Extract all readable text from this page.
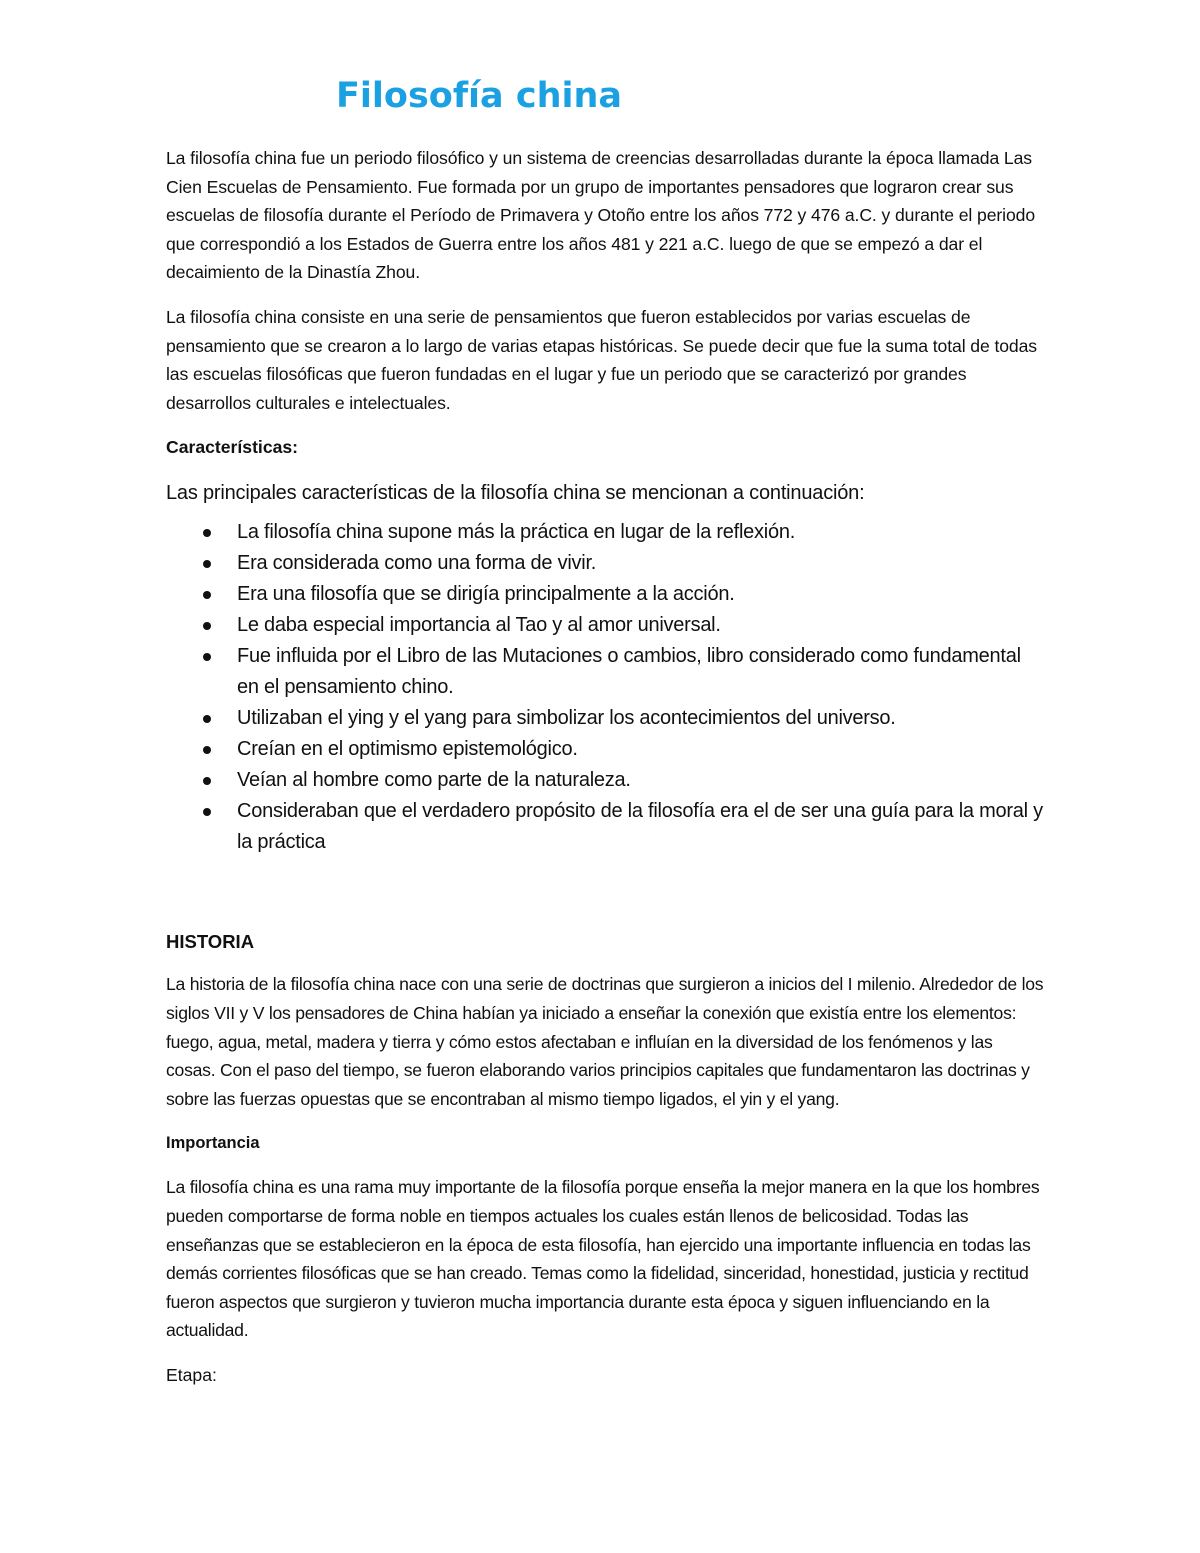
Filosofía china

La filosofía china fue un periodo filosófico y un sistema de creencias desarrolladas durante la época llamada Las Cien Escuelas de Pensamiento. Fue formada por un grupo de importantes pensadores que lograron crear sus escuelas de filosofía durante el Período de Primavera y Otoño entre los años 772 y 476 a.C. y durante el periodo que correspondió a los Estados de Guerra entre los años 481 y 221 a.C. luego de que se empezó a dar el decaimiento de la Dinastía Zhou.

La filosofía china consiste en una serie de pensamientos que fueron establecidos por varias escuelas de pensamiento que se crearon a lo largo de varias etapas históricas. Se puede decir que fue la suma total de todas las escuelas filosóficas que fueron fundadas en el lugar y fue un periodo que se caracterizó por grandes desarrollos culturales e intelectuales.

Características:
Las principales características de la filosofía china se mencionan a continuación:
La filosofía china supone más la práctica en lugar de la reflexión.
Era considerada como una forma de vivir.
Era una filosofía que se dirigía principalmente a la acción.
Le daba especial importancia al Tao y al amor universal.
Fue influida por el Libro de las Mutaciones o cambios, libro considerado como fundamental en el pensamiento chino.
Utilizaban el ying y el yang para simbolizar los acontecimientos del universo.
Creían en el optimismo epistemológico.
Veían al hombre como parte de la naturaleza.
Consideraban que el verdadero propósito de la filosofía era el de ser una guía para la moral y la práctica
HISTORIA

La historia de la filosofía china nace con una serie de doctrinas que surgieron a inicios del I milenio. Alrededor de los siglos VII y V los pensadores de China habían ya iniciado a enseñar la conexión que existía entre los elementos: fuego, agua, metal, madera y tierra y cómo estos afectaban e influían en la diversidad de los fenómenos y las cosas. Con el paso del tiempo, se fueron elaborando varios principios capitales que fundamentaron las doctrinas y sobre las fuerzas opuestas que se encontraban al mismo tiempo ligados, el yin y el yang.

Importancia

La filosofía china es una rama muy importante de la filosofía porque enseña la mejor manera en la que los hombres pueden comportarse de forma noble en tiempos actuales los cuales están llenos de belicosidad. Todas las enseñanzas que se establecieron en la época de esta filosofía, han ejercido una importante influencia en todas las demás corrientes filosóficas que se han creado. Temas como la fidelidad, sinceridad, honestidad, justicia y rectitud fueron aspectos que surgieron y tuvieron mucha importancia durante esta época y siguen influenciando en la actualidad.

Etapa:
